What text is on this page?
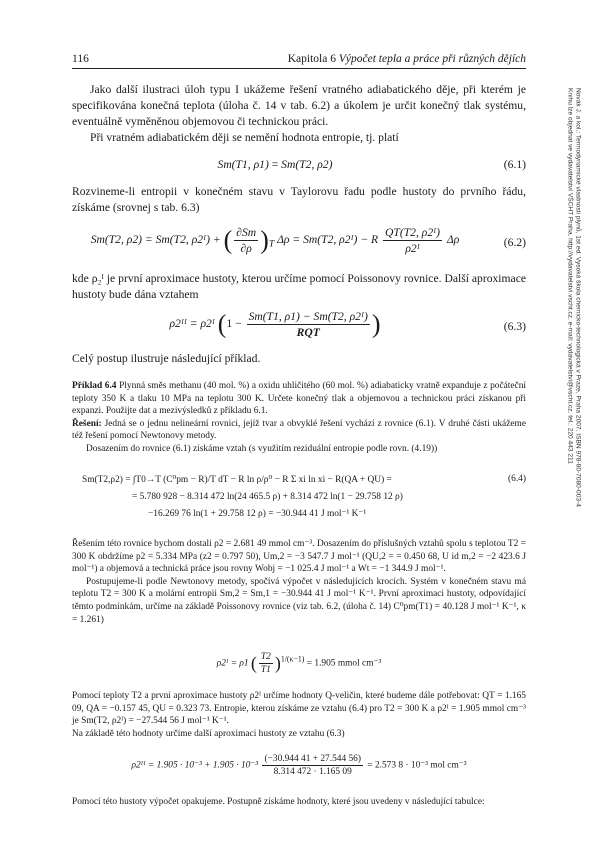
116	Kapitola 6 Výpočet tepla a práce při různých dějích
Novák J. a kol.: Termodynamické vlastnosti plynů, 1st ed. Vysoká škola chemicko-technologická v Praze, Praha 2007. ISBN 978-80-7080-003-4
Knihu lze objednat ve vydavatelství VŠCHT Praha, http://vydavatelstvi.vscht.cz, e-mail: vydavatelstvi@vscht.cz, tel.: 220 443 211

Jako další ilustraci úloh typu I ukážeme řešení vratného adiabatického děje, při kterém je specifikována konečná teplota (úloha č. 14 v tab. 6.2) a úkolem je určit konečný tlak systému, eventuálně vyměněnou objemovou či technickou práci.

Při vratném adiabatickém ději se nemění hodnota entropie, tj. platí

Sm(T1, ρ1) = Sm(T2, ρ2)	(6.1)

Rozvineme-li entropii v konečném stavu v Taylorovu řadu podle hustoty do prvního řádu, získáme (srovnej s tab. 6.3)

Sm(T2, ρ2) = Sm(T2, ρ2ᴵ) + ( $\frac{\partial Sm}{\partial\rho} )_T$ Δρ = Sm(T2, ρ2ᴵ) − R $\frac{\text{QT(T2, ρ2ᴵ)}}{\text{ρ2ᴵ}}$ Δρ	(6.2)

kde ρ₂ᴵ je první aproximace hustoty, kterou určíme pomocí Poissonovy rovnice. Další aproximace hustoty bude dána vztahem

ρ2ᴵᴵ = ρ2ᴵ ($1 - \frac{\text{Sm(T1, ρ1) − Sm(T2, ρ2ᴵ)}}{\text{RQT}}$ )	(6.3)

Celý postup ilustruje následující příklad.

Příklad 6.4 Plynná směs methanu (40 mol. %) a oxidu uhličitého (60 mol. %) adiabaticky vratně expanduje z počáteční teploty 350 K a tlaku 10 MPa na teplotu 300 K. Určete konečný tlak a objemovou a technickou práci získanou při expanzi. Použijte dat a mezivýsledků z příkladu 6.1.

Řešení: Jedná se o jednu nelineární rovnici, jejíž tvar a obvyklé řešení vychází z rovnice (6.1). V druhé části ukážeme též řešení pomocí Newtonovy metody.

Dosazením do rovnice (6.1) získáme vztah (s využitím reziduální entropie podle rovn. (4.19))

Sm(T2,ρ2) = ∫T0→T (C⁰pm − R)/T dT − R ln ρ/ρ⁰ − R Σ xi ln xi − R(QA + QU) =
= 5.780 928 − 8.314 472 ln(24 465.5 ρ) + 8.314 472 ln(1 − 29.758 12 ρ)
−16.269 76 ln(1 + 29.758 12 ρ) = −30.944 41 J mol⁻¹ K⁻¹
(6.4)

Řešením této rovnice bychom dostali ρ2 = 2.681 49 mmol cm⁻³. Dosazením do příslušných vztahů spolu s teplotou T2 = 300 K obdržíme p2 = 5.334 MPa (z2 = 0.797 50), Um,2 = −3 547.7 J mol⁻¹ (QU,2 = = 0.450 68, U id m,2 = −2 423.6 J mol⁻¹) a objemová a technická práce jsou rovny Wobj = −1 025.4 J mol⁻¹ a Wt = −1 344.9 J mol⁻¹.

Postupujeme-li podle Newtonovy metody, spočívá výpočet v následujících krocích. Systém v konečném stavu má teplotu T2 = 300 K a molární entropii Sm,2 = Sm,1 = −30.944 41 J mol⁻¹ K⁻¹. První aproximaci hustoty, odpovídající těmto podmínkám, určíme na základě Poissonovy rovnice (viz tab. 6.2, (úloha č. 14) C⁰pm(T1) = 40.128 J mol⁻¹ K⁻¹, κ = 1.261)

ρ2ᴵ = ρ1 ( $\frac{T2}{T1} )^{1/(\kappa-1)} = 1.905$ mmol cm⁻³

Pomocí teploty T2 a první aproximace hustoty ρ2ᴵ určíme hodnoty Q-veličin, které budeme dále potřebovat: QT = 1.165 09, QA = −0.157 45, QU = 0.323 73. Entropie, kterou získáme ze vztahu (6.4) pro T2 = 300 K a ρ2ᴵ = 1.905 mmol cm⁻³ je Sm(T2, ρ2ᴵ) = −27.544 56 J mol⁻¹ K⁻¹.

Na základě této hodnoty určíme další aproximaci hustoty ze vztahu (6.3)

ρ2ᴵᴵ = $1.905 \cdot 10^{-3} + 1.905 \cdot 10^{-3} \frac{(-30.944 41 + 27.544 56)}{8.314 472 \cdot 1.165 09} = 2.573$ 8 · 10⁻³ mol cm⁻³

Pomocí této hustoty výpočet opakujeme. Postupně získáme hodnoty, které jsou uvedeny v následující tabulce:
